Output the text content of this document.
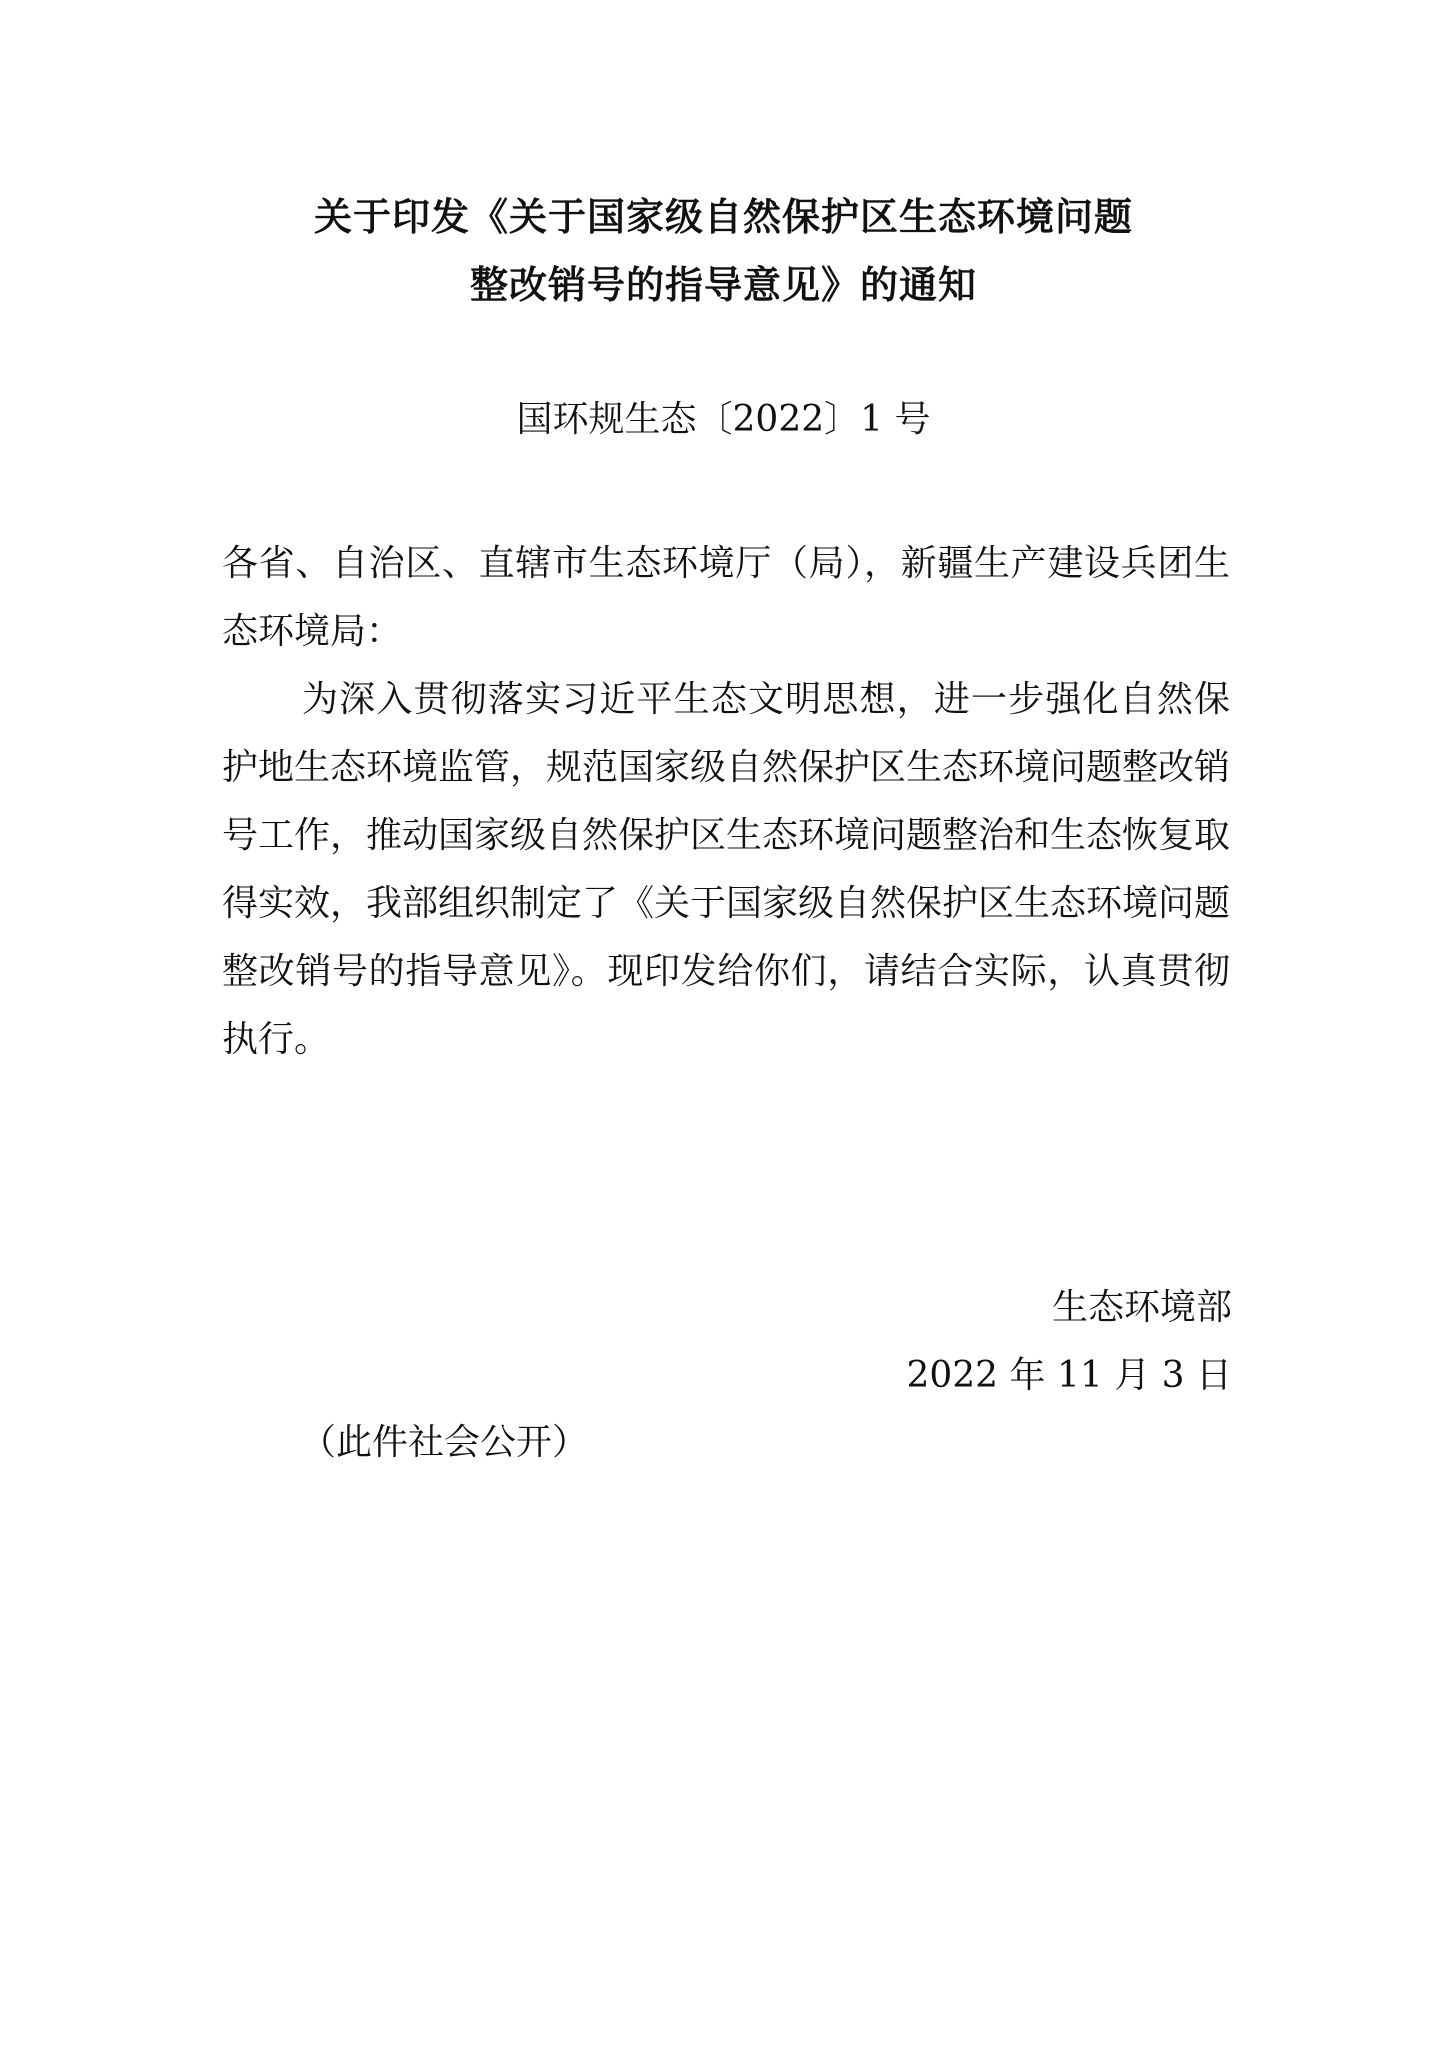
关于印发《关于国家级自然保护区生态环境问题
整改销号的指导意见》的通知
国环规生态〔2022〕1 号
各省、自治区、直辖市生态环境厅（局），新疆生产建设兵团生态环境局：
为深入贯彻落实习近平生态文明思想，进一步强化自然保护地生态环境监管，规范国家级自然保护区生态环境问题整改销号工作，推动国家级自然保护区生态环境问题整治和生态恢复取得实效，我部组织制定了《关于国家级自然保护区生态环境问题整改销号的指导意见》。现印发给你们，请结合实际，认真贯彻执行。
生态环境部
2022 年 11 月 3 日
（此件社会公开）
